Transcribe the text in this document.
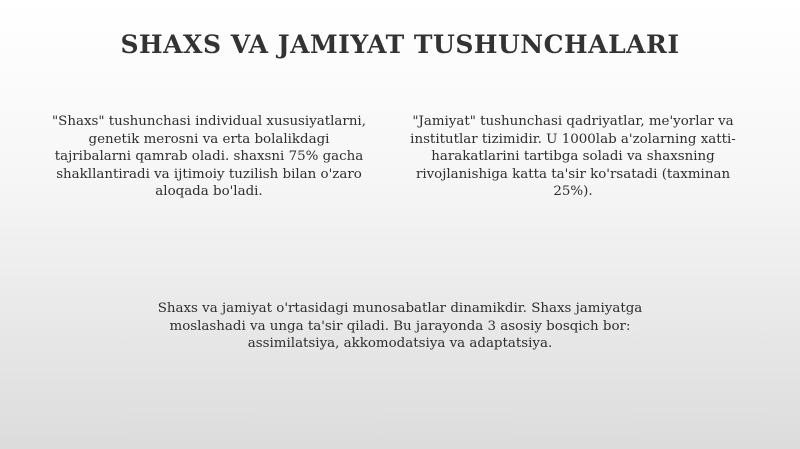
SHAXS VA JAMIYAT TUSHUNCHALARI
"Shaxs" tushunchasi individual xususiyatlarni, genetik merosni va erta bolalikdagi tajribalarni qamrab oladi. shaxsni 75% gacha shakllantiradi va ijtimoiy tuzilish bilan o'zaro aloqada bo'ladi.
"Jamiyat" tushunchasi qadriyatlar, me'yorlar va institutlar tizimidir. U 1000lab a'zolarning xatti-harakatlarini tartibga soladi va shaxsning rivojlanishiga katta ta'sir ko'rsatadi (taxminan 25%).
Shaxs va jamiyat o'rtasidagi munosabatlar dinamikdir. Shaxs jamiyatga moslashadi va unga ta'sir qiladi. Bu jarayonda 3 asosiy bosqich bor: assimilatsiya, akkomodatsiya va adaptatsiya.
